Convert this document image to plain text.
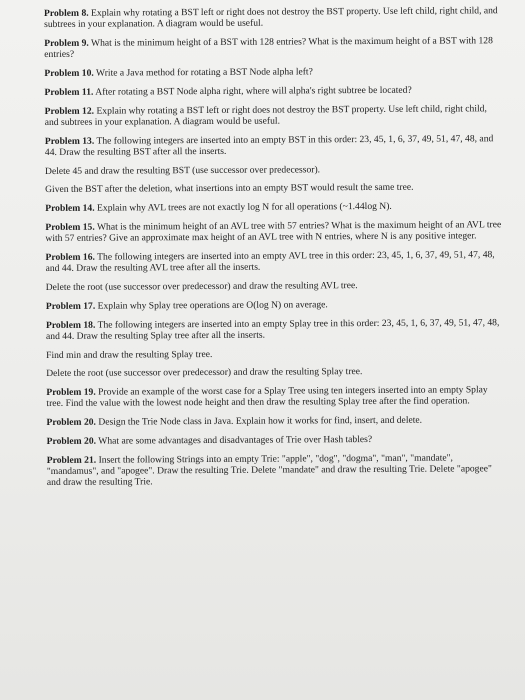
Problem 8. Explain why rotating a BST left or right does not destroy the BST property. Use left child, right child, and subtrees in your explanation. A diagram would be useful.

Problem 9. What is the minimum height of a BST with 128 entries? What is the maximum height of a BST with 128 entries?

Problem 10. Write a Java method for rotating a BST Node alpha left?

Problem 11. After rotating a BST Node alpha right, where will alpha's right subtree be located?

Problem 12. Explain why rotating a BST left or right does not destroy the BST property. Use left child, right child, and subtrees in your explanation. A diagram would be useful.

Problem 13. The following integers are inserted into an empty BST in this order: 23, 45, 1, 6, 37, 49, 51, 47, 48, and 44. Draw the resulting BST after all the inserts.

Delete 45 and draw the resulting BST (use successor over predecessor).

Given the BST after the deletion, what insertions into an empty BST would result the same tree.

Problem 14. Explain why AVL trees are not exactly log N for all operations (~1.44log N).

Problem 15. What is the minimum height of an AVL tree with 57 entries? What is the maximum height of an AVL tree with 57 entries? Give an approximate max height of an AVL tree with N entries, where N is any positive integer.

Problem 16. The following integers are inserted into an empty AVL tree in this order: 23, 45, 1, 6, 37, 49, 51, 47, 48, and 44. Draw the resulting AVL tree after all the inserts.

Delete the root (use successor over predecessor) and draw the resulting AVL tree.

Problem 17. Explain why Splay tree operations are O(log N) on average.

Problem 18. The following integers are inserted into an empty Splay tree in this order: 23, 45, 1, 6, 37, 49, 51, 47, 48, and 44. Draw the resulting Splay tree after all the inserts.

Find min and draw the resulting Splay tree.

Delete the root (use successor over predecessor) and draw the resulting Splay tree.

Problem 19. Provide an example of the worst case for a Splay Tree using ten integers inserted into an empty Splay tree. Find the value with the lowest node height and then draw the resulting Splay tree after the find operation.

Problem 20. Design the Trie Node class in Java. Explain how it works for find, insert, and delete.

Problem 20. What are some advantages and disadvantages of Trie over Hash tables?

Problem 21. Insert the following Strings into an empty Trie: "apple", "dog", "dogma", "man", "mandate", "mandamus", and "apogee". Draw the resulting Trie. Delete "mandate" and draw the resulting Trie. Delete "apogee" and draw the resulting Trie.
